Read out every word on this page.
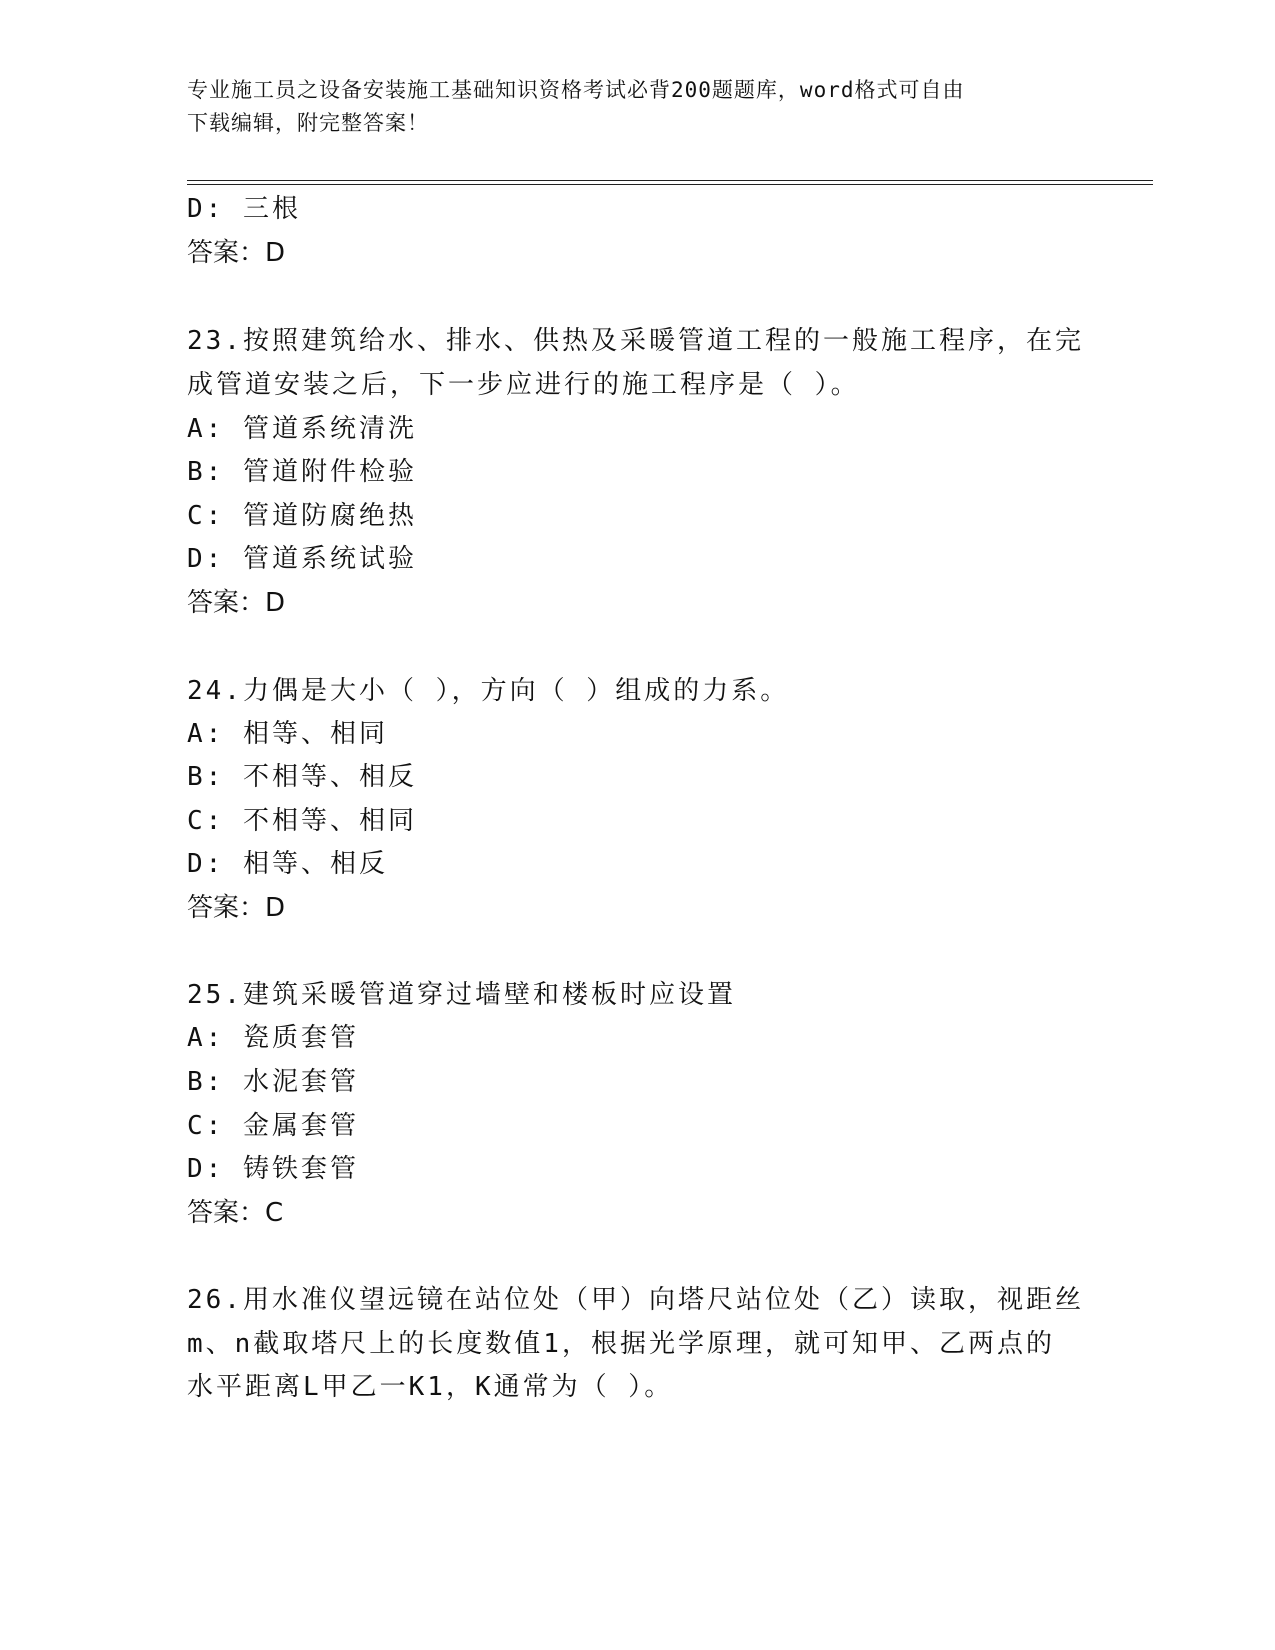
专业施工员之设备安装施工基础知识资格考试必背200题题库，word格式可自由
下载编辑，附完整答案！
D: 三根
答案：D
23.按照建筑给水、排水、供热及采暖管道工程的一般施工程序，在完
成管道安装之后，下一步应进行的施工程序是（ ）。
A: 管道系统清洗
B: 管道附件检验
C: 管道防腐绝热
D: 管道系统试验
答案：D
24.力偶是大小（ ），方向（ ）组成的力系。
A: 相等、相同
B: 不相等、相反
C: 不相等、相同
D: 相等、相反
答案：D
25.建筑采暖管道穿过墙壁和楼板时应设置
A: 瓷质套管
B: 水泥套管
C: 金属套管
D: 铸铁套管
答案：C
26.用水准仪望远镜在站位处（甲）向塔尺站位处（乙）读取，视距丝
m、n截取塔尺上的长度数值1，根据光学原理，就可知甲、乙两点的
水平距离L甲乙一K1，K通常为（ ）。
